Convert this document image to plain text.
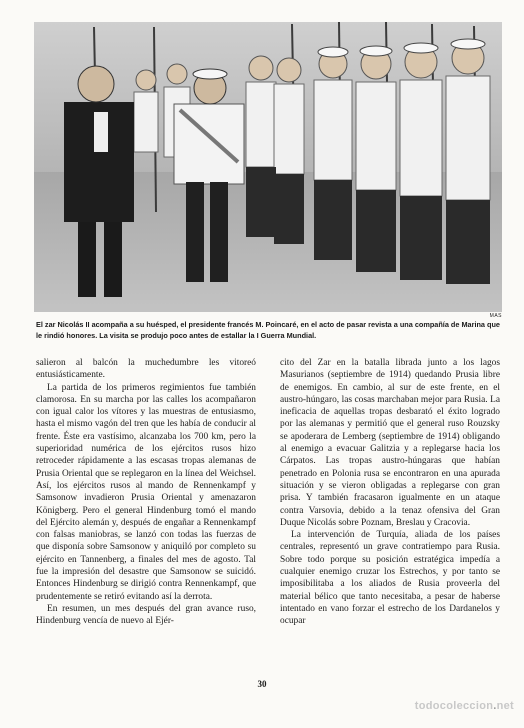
MAS
El zar Nicolás II acompaña a su huésped, el presidente francés M. Poincaré, en el acto de pasar revista a una compañía de Marina que le rindió honores. La visita se produjo poco antes de estallar la I Guerra Mundial.

salieron al balcón la muchedumbre les vitoreó entusiásticamente.

La partida de los primeros regimientos fue también clamorosa. En su marcha por las calles los acompañaron con igual calor los vítores y las muestras de entusiasmo, hasta el mismo vagón del tren que les había de conducir al frente. Éste era vastísimo, alcanzaba los 700 km, pero la superioridad numérica de los ejércitos rusos hizo retroceder rápidamente a las escasas tropas alemanas de Prusia Oriental que se replegaron en la línea del Weichsel. Así, los ejércitos rusos al mando de Rennenkampf y Samsonow invadieron Prusia Oriental y amenazaron Königberg. Pero el general Hindenburg tomó el mando del Ejército alemán y, después de engañar a Rennenkampf con falsas maniobras, se lanzó con todas las fuerzas de que disponía sobre Samsonow y aniquiló por completo su ejército en Tannenberg, a finales del mes de agosto. Tal fue la impresión del desastre que Samsonow se suicidó. Entonces Hindenburg se dirigió contra Rennenkampf, que prudentemente se retiró evitando así la derrota.

En resumen, un mes después del gran avance ruso, Hindenburg vencía de nuevo al Ejér-

cito del Zar en la batalla librada junto a los lagos Masurianos (septiembre de 1914) quedando Prusia libre de enemigos. En cambio, al sur de este frente, en el austro-húngaro, las cosas marchaban mejor para Rusia. La ineficacia de aquellas tropas desbarató el éxito logrado por las alemanas y permitió que el general ruso Rouzsky se apoderara de Lemberg (septiembre de 1914) obligando al enemigo a evacuar Galitzia y a replegarse hacia los Cárpatos. Las tropas austro-húngaras que habían penetrado en Polonia rusa se encontraron en una apurada situación y se vieron obligadas a replegarse con gran prisa. Y también fracasaron igualmente en un ataque contra Varsovia, debido a la tenaz ofensiva del Gran Duque Nicolás sobre Poznam, Breslau y Cracovia.

La intervención de Turquía, aliada de los países centrales, representó un grave contratiempo para Rusia. Sobre todo porque su posición estratégica impedía a cualquier enemigo cruzar los Estrechos, y por tanto se imposibilitaba a los aliados de Rusia proveerla del material bélico que tanto necesitaba, a pesar de haberse intentado en vano forzar el estrecho de los Dardanelos y ocupar

30
todocoleccion.net
